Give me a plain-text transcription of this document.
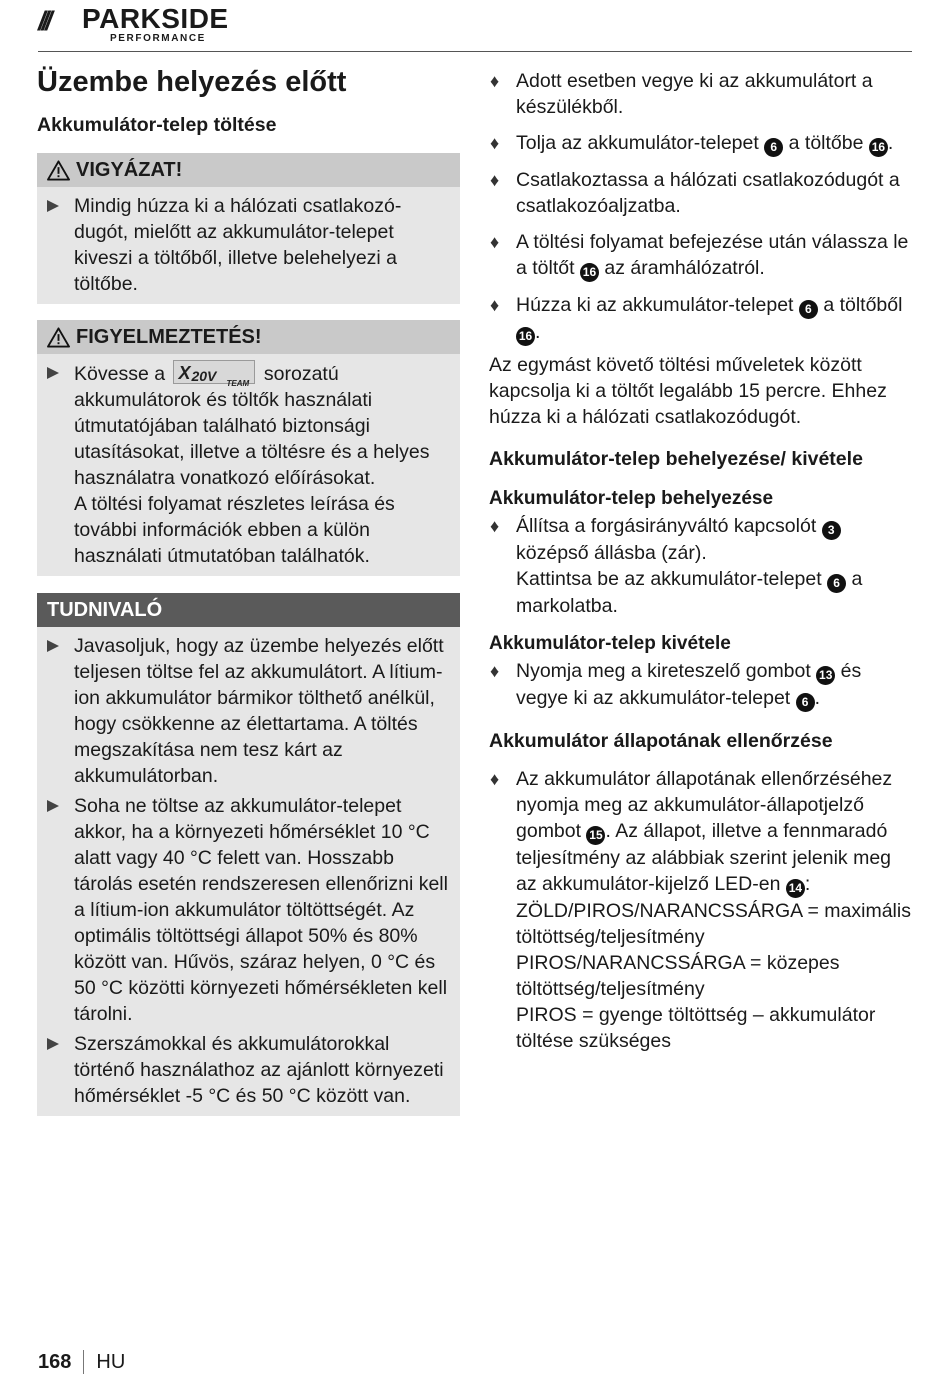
/// PARKSIDE
PERFORMANCE
Üzembe helyezés előtt
Akkumulátor-telep töltése
VIGYÁZAT!
Mindig húzza ki a hálózati csatlakozó-dugót, mielőtt az akkumulátor-telepet kiveszi a töltőből, illetve belehelyezi a töltőbe.
FIGYELMEZTETÉS!
Kövesse a X 20V TEAM sorozatú akkumulátorok és töltők használati útmutatójában található biztonsági utasításokat, illetve a töltésre és a helyes használatra vonatkozó előírásokat.
A töltési folyamat részletes leírása és további információk ebben a külön használati útmutatóban találhatók.
TUDNIVALÓ
Javasoljuk, hogy az üzembe helyezés előtt teljesen töltse fel az akkumulátort. A lítium-ion akkumulátor bármikor tölthető anélkül, hogy csökkenne az élettartama. A töltés megszakítása nem tesz kárt az akkumulátorban.
Soha ne töltse az akkumulátor-telepet akkor, ha a környezeti hőmérséklet 10 °C alatt vagy 40 °C felett van. Hosszabb tárolás esetén rendszeresen ellenőrizni kell a lítium-ion akkumulátor töltöttségét. Az optimális töltöttségi állapot 50% és 80% között van. Hűvös, száraz helyen, 0 °C és 50 °C közötti környezeti hőmérsékleten kell tárolni.
Szerszámokkal és akkumulátorokkal történő használathoz az ajánlott környezeti hőmérséklet -5 °C és 50 °C között van.
♦ Adott esetben vegye ki az akkumulátort a készülékből.
♦ Tolja az akkumulátor-telepet 6 a töltőbe 16 .
♦ Csatlakoztassa a hálózati csatlakozódugót a csatlakozóaljzatba.
♦ A töltési folyamat befejezése után válassza le a töltőt 16 az áramhálózatról.
♦ Húzza ki az akkumulátor-telepet 6 a töltőből 16 .

Az egymást követő töltési műveletek között kapcsolja ki a töltőt legalább 15 percre. Ehhez húzza ki a hálózati csatlakozódugót.

Akkumulátor-telep behelyezése/ kivétele
Akkumulátor-telep behelyezése
♦ Állítsa a forgásirányváltó kapcsolót 3 középső állásba (zár).
Kattintsa be az akkumulátor-telepet 6 a markolatba.
Akkumulátor-telep kivétele
♦ Nyomja meg a kireteszelő gombot 13 és vegye ki az akkumulátor-telepet 6 .
Akkumulátor állapotának ellenőrzése
♦ Az akkumulátor állapotának ellenőrzéséhez nyomja meg az akkumulátor-állapotjelző gombot 15 . Az állapot, illetve a fennmaradó teljesítmény az alábbiak szerint jelenik meg az akkumulátor-kijelző LED-en 14 :
ZÖLD/PIROS/NARANCSSÁRGA = maximális töltöttség/teljesítmény
PIROS/NARANCSSÁRGA = közepes töltöttség/teljesítmény
PIROS = gyenge töltöttség – akkumulátor töltése szükséges
168 HU
